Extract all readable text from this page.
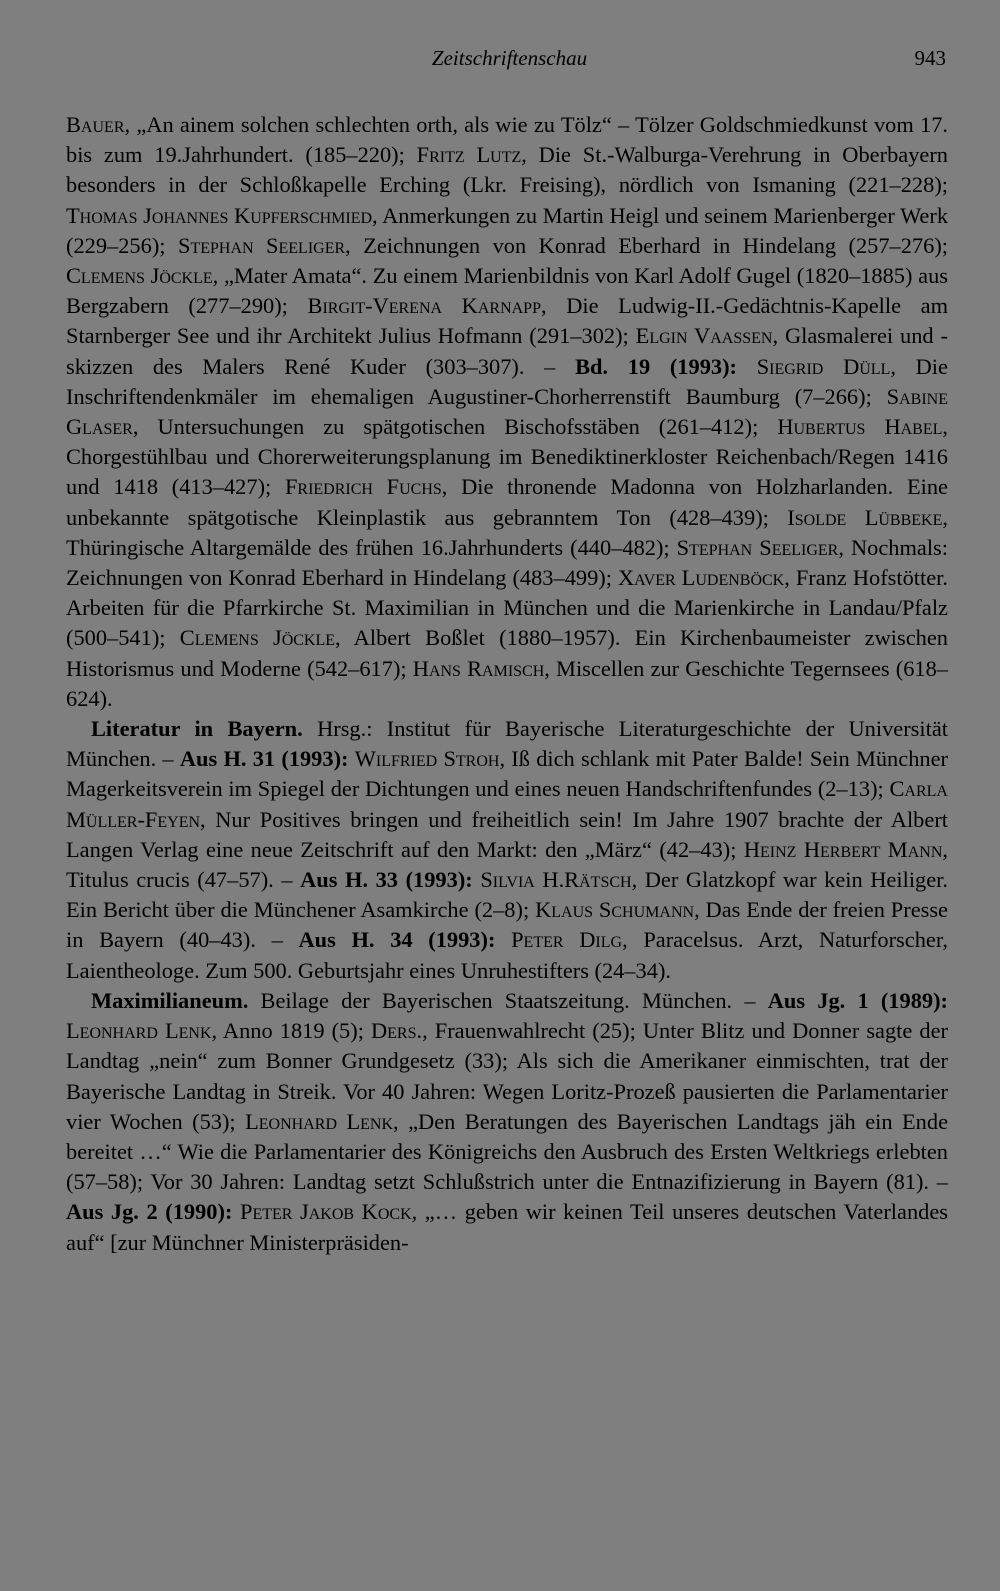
Zeitschriftenschau	943

Bauer, „An ainem solchen schlechten orth, als wie zu Tölz“ – Tölzer Goldschmiedkunst vom 17. bis zum 19.Jahrhundert. (185–220); Fritz Lutz, Die St.-Walburga-Verehrung in Oberbayern besonders in der Schloßkapelle Erching (Lkr. Freising), nördlich von Ismaning (221–228); Thomas Johannes Kupferschmied, Anmerkungen zu Martin Heigl und seinem Marienberger Werk (229–256); Stephan Seeliger, Zeichnungen von Konrad Eberhard in Hindelang (257–276); Clemens Jöckle, „Mater Amata“. Zu einem Marienbildnis von Karl Adolf Gugel (1820–1885) aus Bergzabern (277–290); Birgit-Verena Karnapp, Die Ludwig-II.-Gedächtnis-Kapelle am Starnberger See und ihr Architekt Julius Hofmann (291–302); Elgin Vaassen, Glasmalerei und -skizzen des Malers René Kuder (303–307). – Bd. 19 (1993): Siegrid Düll, Die Inschriftendenkmäler im ehemaligen Augustiner-Chorherrenstift Baumburg (7–266); Sabine Glaser, Untersuchungen zu spätgotischen Bischofsstäben (261–412); Hubertus Habel, Chorgestühlbau und Chorerweiterungsplanung im Benediktinerkloster Reichenbach/Regen 1416 und 1418 (413–427); Friedrich Fuchs, Die thronende Madonna von Holzharlanden. Eine unbekannte spätgotische Kleinplastik aus gebranntem Ton (428–439); Isolde Lübbeke, Thüringische Altargemälde des frühen 16.Jahrhunderts (440–482); Stephan Seeliger, Nochmals: Zeichnungen von Konrad Eberhard in Hindelang (483–499); Xaver Ludenböck, Franz Hofstötter. Arbeiten für die Pfarrkirche St. Maximilian in München und die Marienkirche in Landau/Pfalz (500–541); Clemens Jöckle, Albert Boßlet (1880–1957). Ein Kirchenbaumeister zwischen Historismus und Moderne (542–617); Hans Ramisch, Miscellen zur Geschichte Tegernsees (618–624).

Literatur in Bayern. Hrsg.: Institut für Bayerische Literaturgeschichte der Universität München. – Aus H. 31 (1993): Wilfried Stroh, Iß dich schlank mit Pater Balde! Sein Münchner Magerkeitsverein im Spiegel der Dichtungen und eines neuen Handschriftenfundes (2–13); Carla Müller-Feyen, Nur Positives bringen und freiheitlich sein! Im Jahre 1907 brachte der Albert Langen Verlag eine neue Zeitschrift auf den Markt: den „März“ (42–43); Heinz Herbert Mann, Titulus crucis (47–57). – Aus H. 33 (1993): Silvia H.Rätsch, Der Glatzkopf war kein Heiliger. Ein Bericht über die Münchener Asamkirche (2–8); Klaus Schumann, Das Ende der freien Presse in Bayern (40–43). – Aus H. 34 (1993): Peter Dilg, Paracelsus. Arzt, Naturforscher, Laientheologe. Zum 500. Geburtsjahr eines Unruhestifters (24–34).

Maximilianeum. Beilage der Bayerischen Staatszeitung. München. – Aus Jg. 1 (1989): Leonhard Lenk, Anno 1819 (5); Ders., Frauenwahlrecht (25); Unter Blitz und Donner sagte der Landtag „nein“ zum Bonner Grundgesetz (33); Als sich die Amerikaner einmischten, trat der Bayerische Landtag in Streik. Vor 40 Jahren: Wegen Loritz-Prozeß pausierten die Parlamentarier vier Wochen (53); Leonhard Lenk, „Den Beratungen des Bayerischen Landtags jäh ein Ende bereitet …“ Wie die Parlamentarier des Königreichs den Ausbruch des Ersten Weltkriegs erlebten (57–58); Vor 30 Jahren: Landtag setzt Schlußstrich unter die Entnazifizierung in Bayern (81). – Aus Jg. 2 (1990): Peter Jakob Kock, „… geben wir keinen Teil unseres deutschen Vaterlandes auf“ [zur Münchner Ministerpräsiden-
